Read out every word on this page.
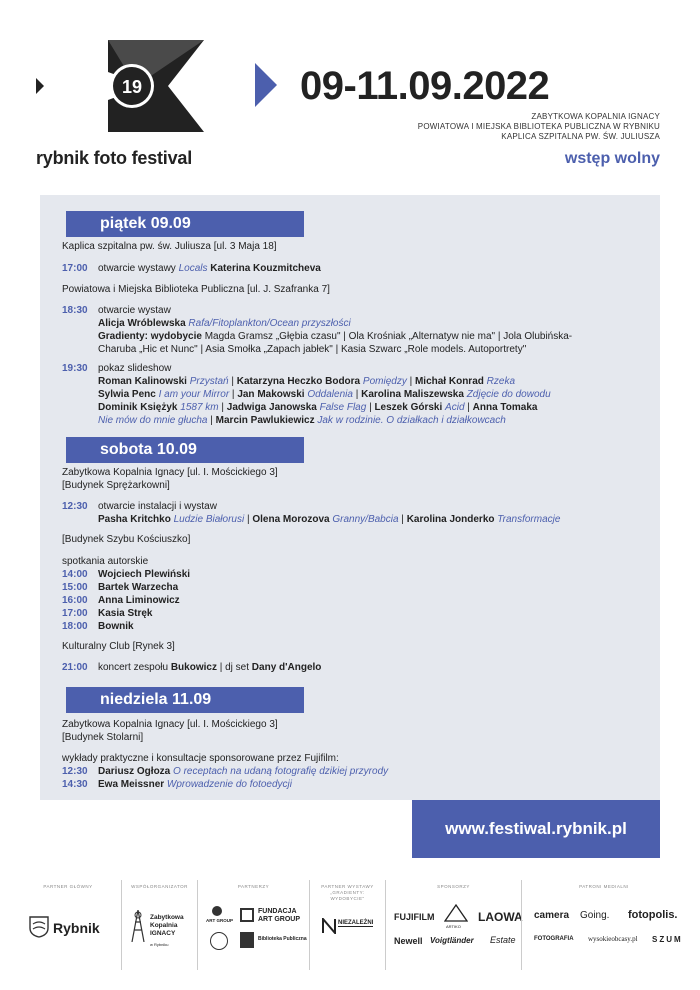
19
rybnik foto festival
09-11.09.2022
ZABYTKOWA KOPALNIA IGNACY
POWIATOWA I MIEJSKA BIBLIOTEKA PUBLICZNA W RYBNIKU
KAPLICA SZPITALNA PW. ŚW. JULIUSZA
wstęp wolny
piątek 09.09
Kaplica szpitalna pw. św. Juliusza [ul. 3 Maja 18]
17:00 otwarcie wystawy Locals Katerina Kouzmitcheva
Powiatowa i Miejska Biblioteka Publiczna [ul. J. Szafranka 7]
18:30 otwarcie wystaw
Alicja Wróblewska Rafa/Fitoplankton/Ocean przyszłości
Gradienty: wydobycie Magda Gramsz „Głębia czasu" | Ola Krośniak „Alternatyw nie ma" | Jola Olubińska-
Charuba „Hic et Nunc" | Asia Smołka „Zapach jabłek" | Kasia Szwarc „Role models. Autoportrety"
19:30 pokaz slideshow
Roman Kalinowski Przystań | Katarzyna Heczko Bodora Pomiędzy | Michał Konrad Rzeka
Sylwia Penc I am your Mirror | Jan Makowski Oddalenia | Karolina Maliszewska Zdjęcie do dowodu
Dominik Księżyk 1587 km | Jadwiga Janowska False Flag | Leszek Górski Acid | Anna Tomaka
Nie mów do mnie głucha | Marcin Pawlukiewicz Jak w rodzinie. O działkach i działkowcach
sobota 10.09
Zabytkowa Kopalnia Ignacy [ul. I. Mościckiego 3]
[Budynek Sprężarkowni]
12:30 otwarcie instalacji i wystaw
Pasha Kritchko Ludzie Białorusi | Olena Morozova Granny/Babcia | Karolina Jonderko Transformacje
[Budynek Szybu Kościuszko]
spotkania autorskie
14:00 Wojciech Plewiński
15:00 Bartek Warzecha
16:00 Anna Liminowicz
17:00 Kasia Stręk
18:00 Bownik
Kulturalny Club [Rynek 3]
21:00 koncert zespołu Bukowicz | dj set Dany d'Angelo
niedziela 11.09
Zabytkowa Kopalnia Ignacy [ul. I. Mościckiego 3]
[Budynek Stolarni]
wykłady praktyczne i konsultacje sponsorowane przez Fujifilm:
12:30 Dariusz Ogłoza O receptach na udaną fotografię dzikiej przyrody
14:30 Ewa Meissner Wprowadzenie do fotoedycji
www.festiwal.rybnik.pl
PARTNER GŁÓWNY
Rybnik
WSPÓŁORGANIZATOR
Zabytkowa Kopalnia IGNACY
w Rybniku
PARTNERZY
ART GROUP
FUNDACJA ART GROUP
Biblioteka Publiczna
PARTNER WYSTAWY „GRADIENTY: WYDOBYCIE"
NIEZALEŻNI
SPONSORZY
FUJIFILM
ARTIKO
LAOWA
Newell Voigtländer Estate
PATRONI MEDIALNI
camera Going. fotopolis.
FOTOGRAFIA wysokieobcasy.pl SZUM
